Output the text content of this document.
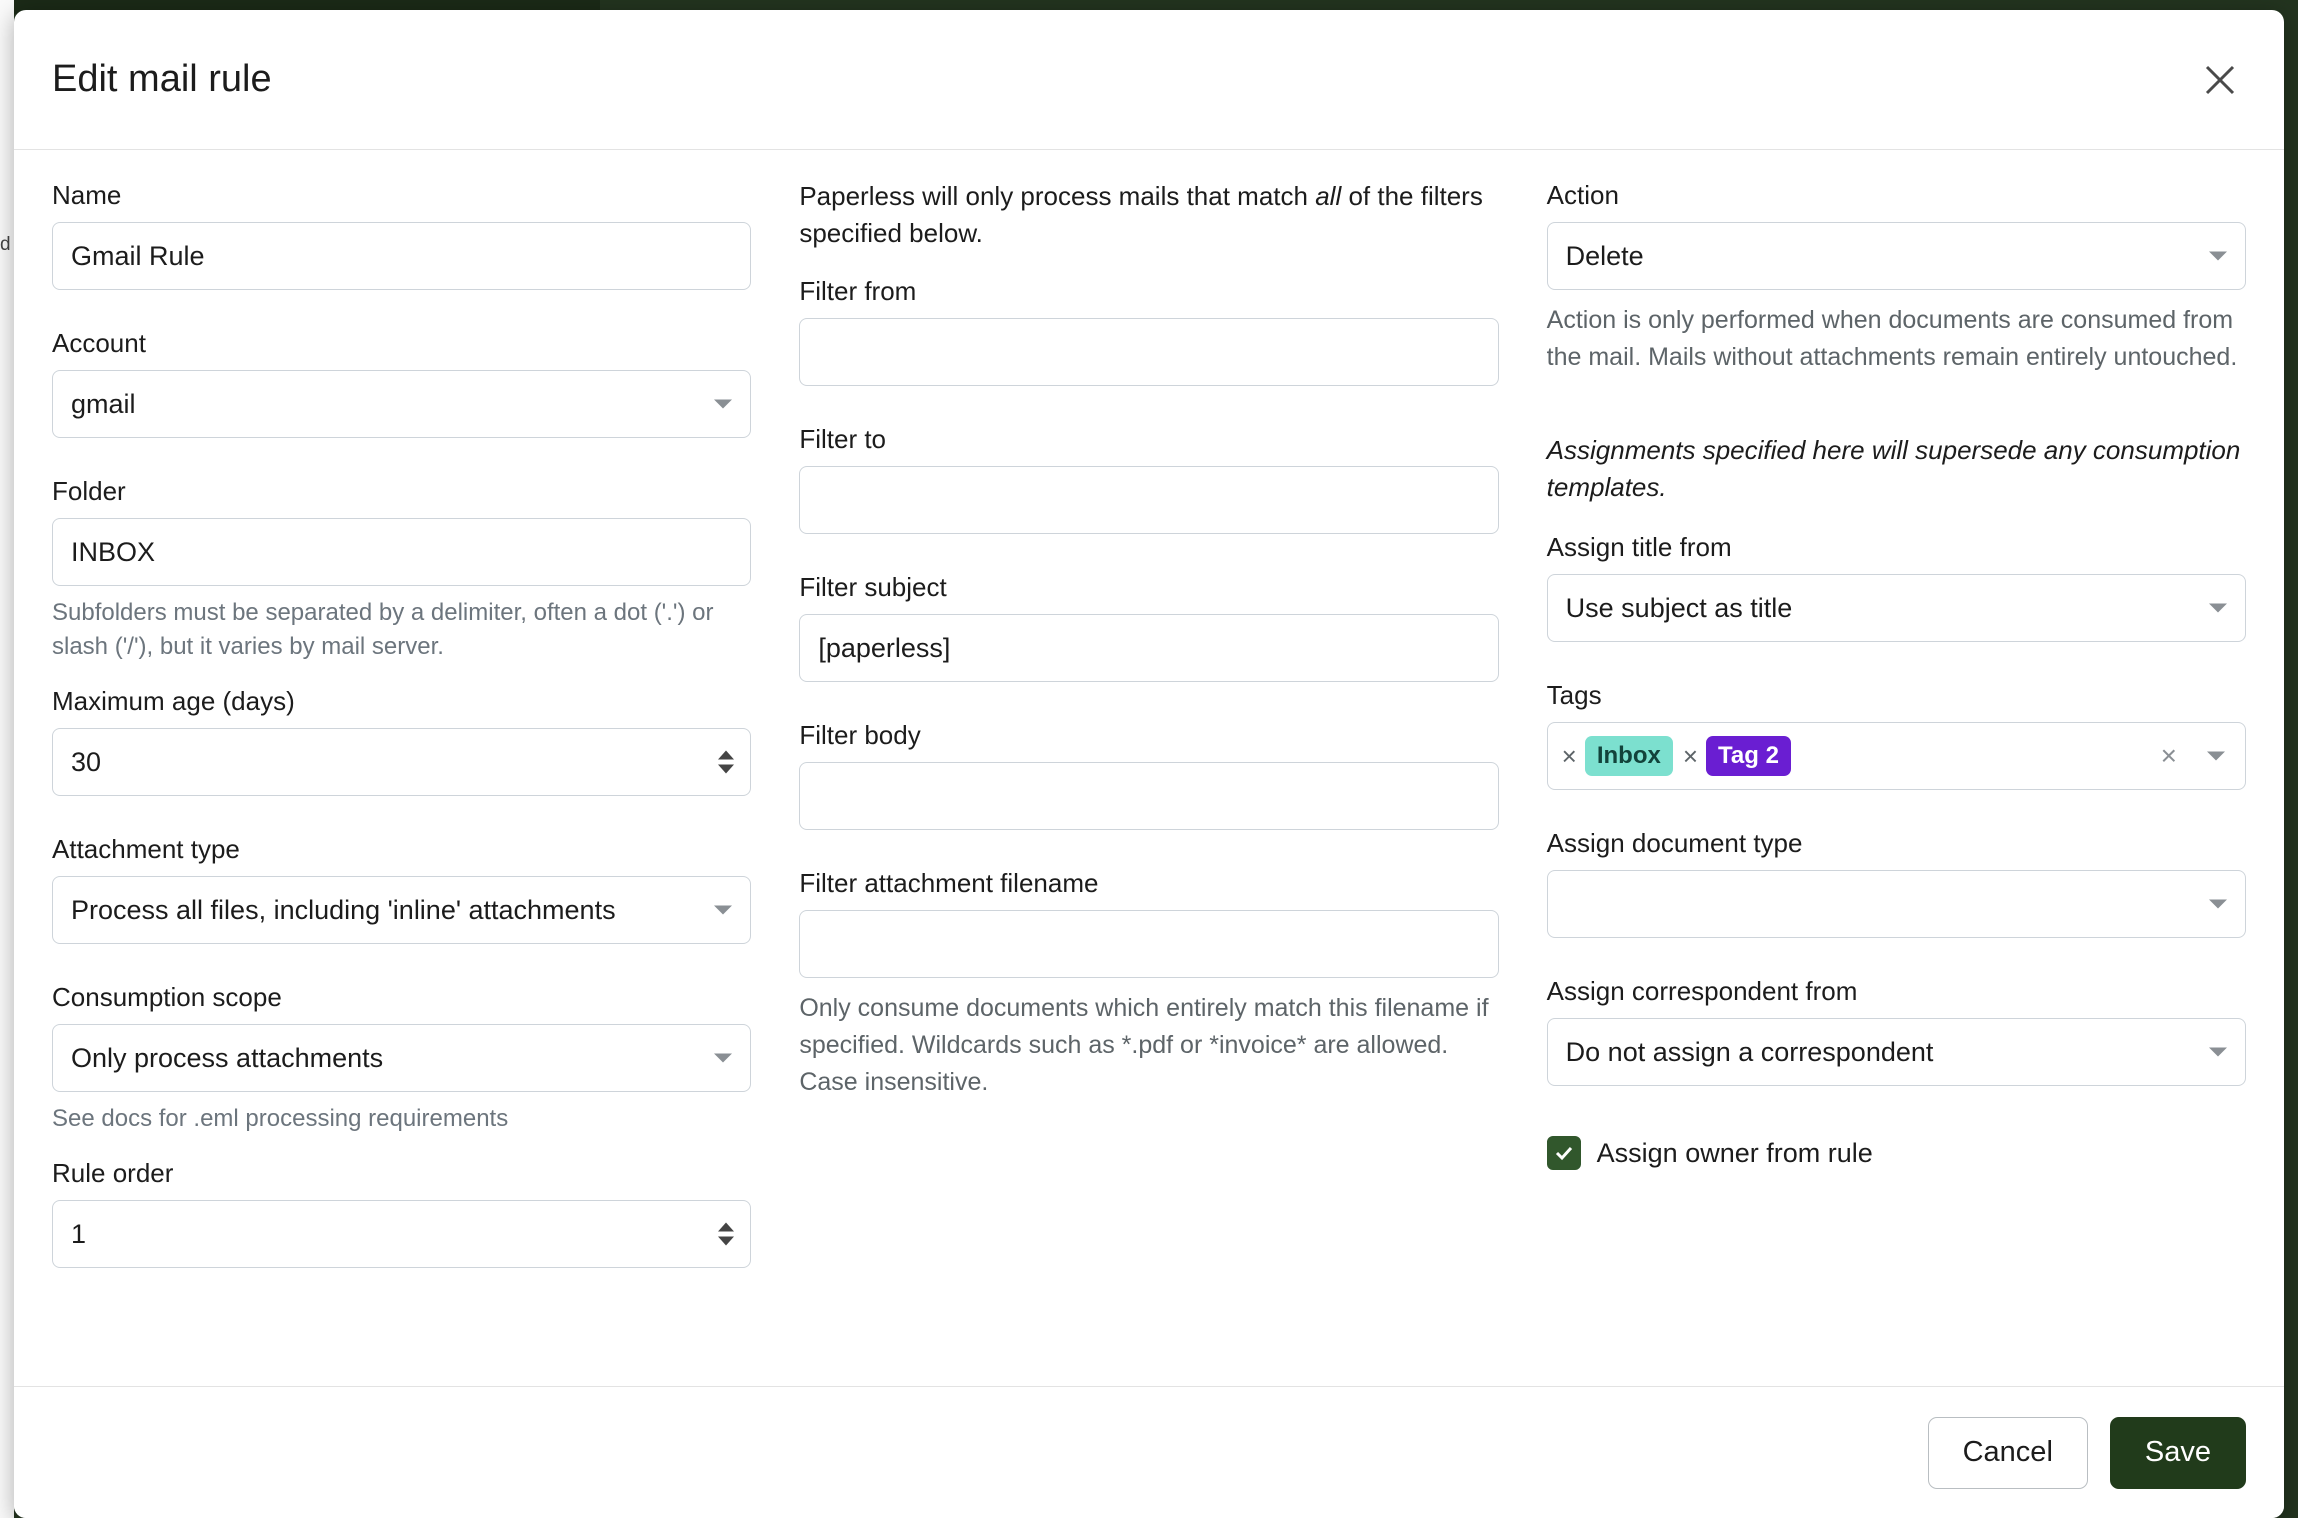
d
Edit mail rule
Name
Gmail Rule
Account
gmail
Folder
INBOX
Subfolders must be separated by a delimiter, often a dot ('.') or slash ('/'), but it varies by mail server.
Maximum age (days)
30
Attachment type
Process all files, including 'inline' attachments
Consumption scope
Only process attachments
See docs for .eml processing requirements
Rule order
1

Paperless will only process mails that match all of the filters specified below.

Filter from
Filter to
Filter subject
[paperless]
Filter body
Filter attachment filename
Only consume documents which entirely match this filename if specified. Wildcards such as *.pdf or *invoice* are allowed. Case insensitive.
Action
Delete
Action is only performed when documents are consumed from the mail. Mails without attachments remain entirely untouched.
Assignments specified here will supersede any consumption templates.
Assign title from
Use subject as title
Tags
× Inbox × Tag 2	×
Assign document type
Assign correspondent from
Do not assign a correspondent
Assign owner from rule
Cancel	Save
